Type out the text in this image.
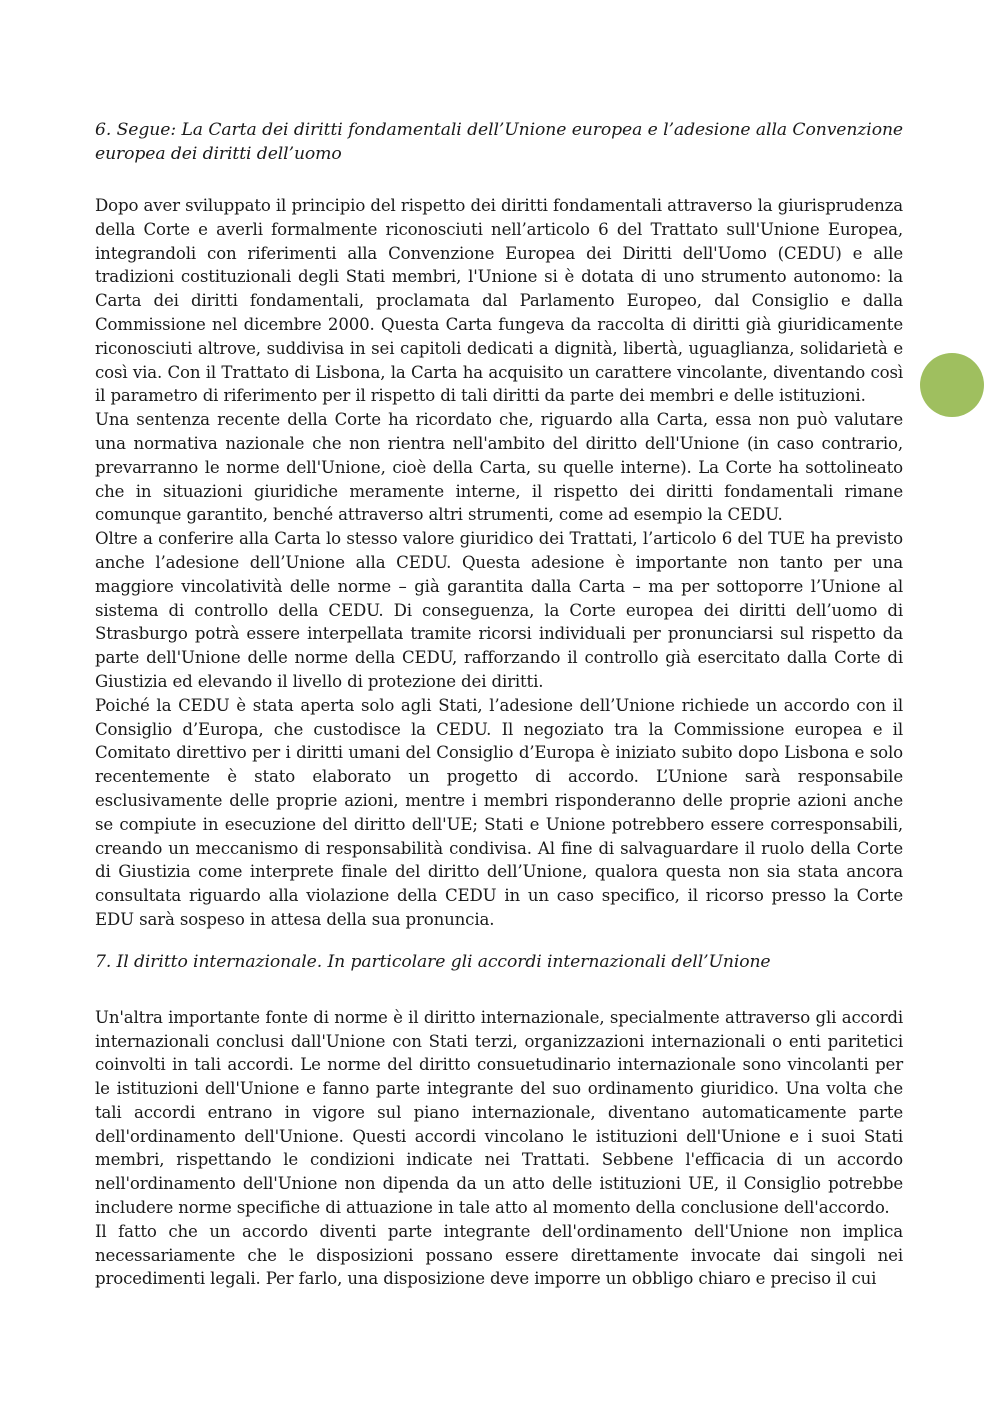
6. Segue: La Carta dei diritti fondamentali dell’Unione europea e l’adesione alla Convenzione europea dei diritti dell’uomo

Dopo aver sviluppato il principio del rispetto dei diritti fondamentali attraverso la giurisprudenza della Corte e averli formalmente riconosciuti nell’articolo 6 del Trattato sull'Unione Europea, integrandoli con riferimenti alla Convenzione Europea dei Diritti dell'Uomo (CEDU) e alle tradizioni costituzionali degli Stati membri, l'Unione si è dotata di uno strumento autonomo: la Carta dei diritti fondamentali, proclamata dal Parlamento Europeo, dal Consiglio e dalla Commissione nel dicembre 2000. Questa Carta fungeva da raccolta di diritti già giuridicamente riconosciuti altrove, suddivisa in sei capitoli dedicati a dignità, libertà, uguaglianza, solidarietà e così via. Con il Trattato di Lisbona, la Carta ha acquisito un carattere vincolante, diventando così il parametro di riferimento per il rispetto di tali diritti da parte dei membri e delle istituzioni.

Una sentenza recente della Corte ha ricordato che, riguardo alla Carta, essa non può valutare una normativa nazionale che non rientra nell'ambito del diritto dell'Unione (in caso contrario, prevarranno le norme dell'Unione, cioè della Carta, su quelle interne). La Corte ha sottolineato che in situazioni giuridiche meramente interne, il rispetto dei diritti fondamentali rimane comunque garantito, benché attraverso altri strumenti, come ad esempio la CEDU.

Oltre a conferire alla Carta lo stesso valore giuridico dei Trattati, l’articolo 6 del TUE ha previsto anche l’adesione dell’Unione alla CEDU. Questa adesione è importante non tanto per una maggiore vincolatività delle norme – già garantita dalla Carta – ma per sottoporre l’Unione al sistema di controllo della CEDU. Di conseguenza, la Corte europea dei diritti dell’uomo di Strasburgo potrà essere interpellata tramite ricorsi individuali per pronunciarsi sul rispetto da parte dell'Unione delle norme della CEDU, rafforzando il controllo già esercitato dalla Corte di Giustizia ed elevando il livello di protezione dei diritti.

Poiché la CEDU è stata aperta solo agli Stati, l’adesione dell’Unione richiede un accordo con il Consiglio d’Europa, che custodisce la CEDU. Il negoziato tra la Commissione europea e il Comitato direttivo per i diritti umani del Consiglio d’Europa è iniziato subito dopo Lisbona e solo recentemente è stato elaborato un progetto di accordo. L’Unione sarà responsabile esclusivamente delle proprie azioni, mentre i membri risponderanno delle proprie azioni anche se compiute in esecuzione del diritto dell'UE; Stati e Unione potrebbero essere corresponsabili, creando un meccanismo di responsabilità condivisa. Al fine di salvaguardare il ruolo della Corte di Giustizia come interprete finale del diritto dell’Unione, qualora questa non sia stata ancora consultata riguardo alla violazione della CEDU in un caso specifico, il ricorso presso la Corte EDU sarà sospeso in attesa della sua pronuncia.

7. Il diritto internazionale. In particolare gli accordi internazionali dell’Unione

Un'altra importante fonte di norme è il diritto internazionale, specialmente attraverso gli accordi internazionali conclusi dall'Unione con Stati terzi, organizzazioni internazionali o enti paritetici coinvolti in tali accordi. Le norme del diritto consuetudinario internazionale sono vincolanti per le istituzioni dell'Unione e fanno parte integrante del suo ordinamento giuridico. Una volta che tali accordi entrano in vigore sul piano internazionale, diventano automaticamente parte dell'ordinamento dell'Unione. Questi accordi vincolano le istituzioni dell'Unione e i suoi Stati membri, rispettando le condizioni indicate nei Trattati. Sebbene l'efficacia di un accordo nell'ordinamento dell'Unione non dipenda da un atto delle istituzioni UE, il Consiglio potrebbe includere norme specifiche di attuazione in tale atto al momento della conclusione dell'accordo.

Il fatto che un accordo diventi parte integrante dell'ordinamento dell'Unione non implica necessariamente che le disposizioni possano essere direttamente invocate dai singoli nei procedimenti legali. Per farlo, una disposizione deve imporre un obbligo chiaro e preciso il cui
